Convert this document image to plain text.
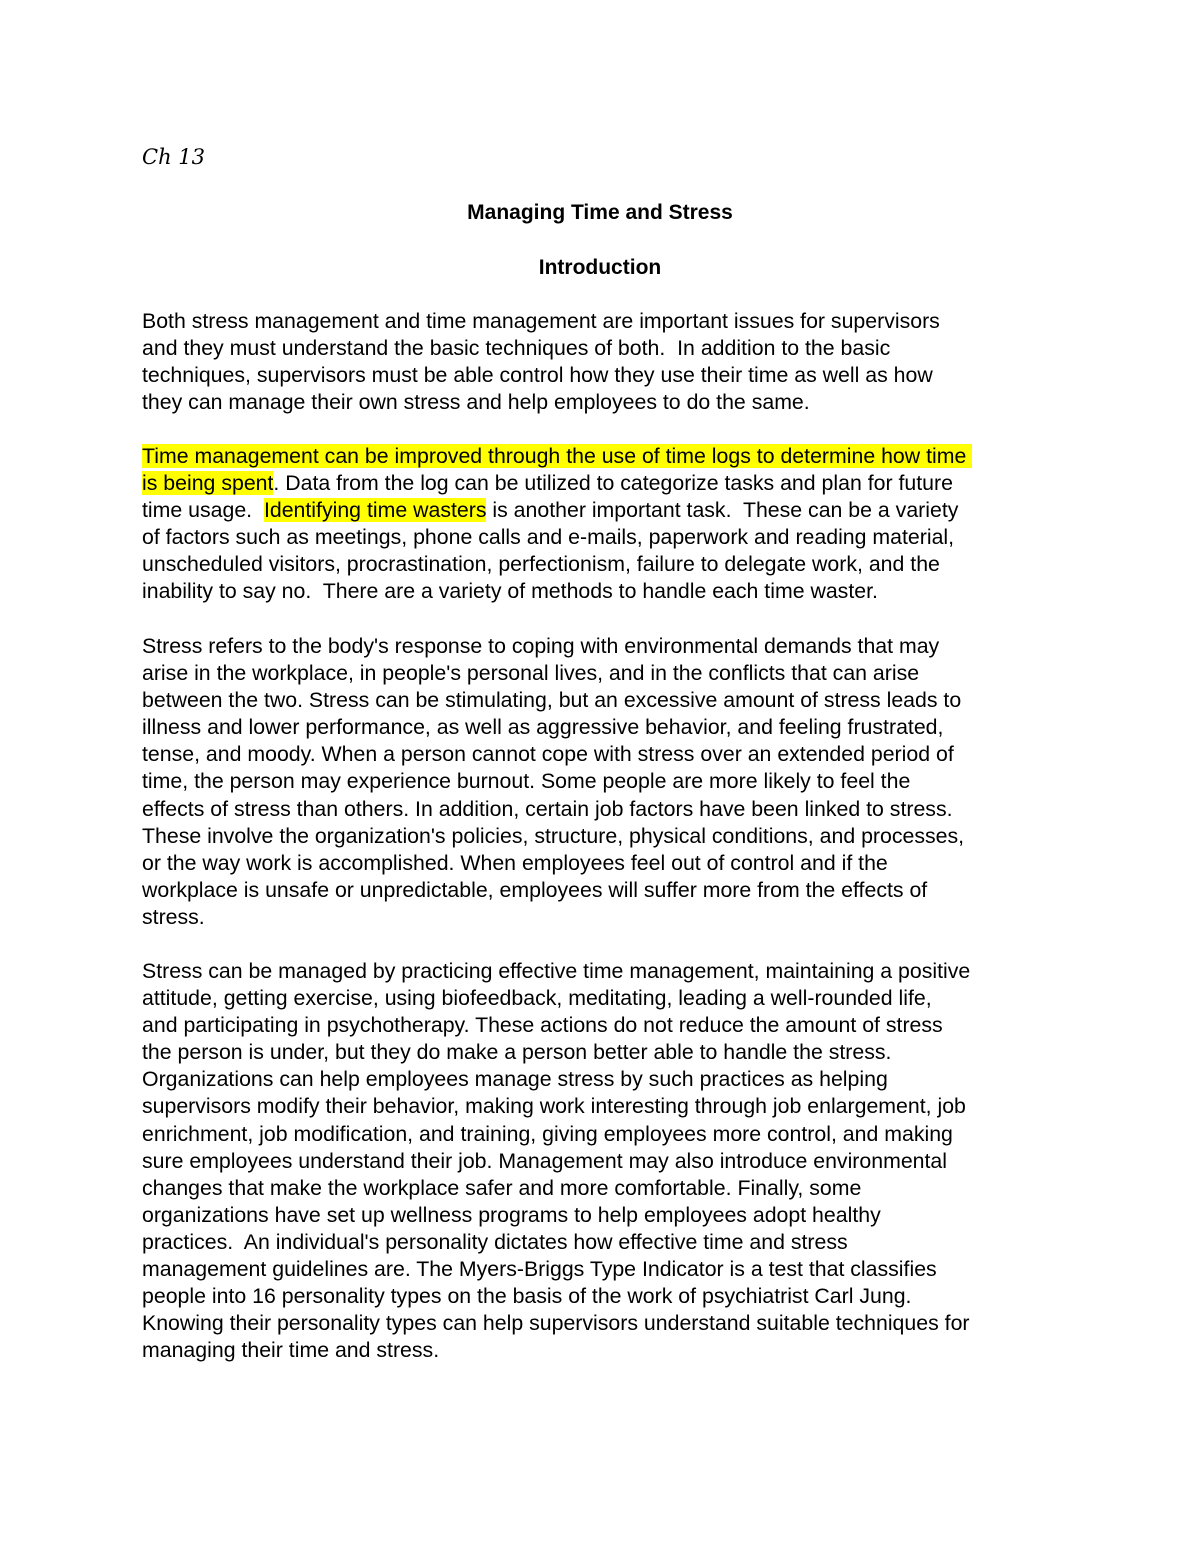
Ch 13

Managing Time and Stress

Introduction

Both stress management and time management are important issues for supervisors
and they must understand the basic techniques of both.  In addition to the basic
techniques, supervisors must be able control how they use their time as well as how
they can manage their own stress and help employees to do the same.
Time management can be improved through the use of time logs to determine how time
is being spent. Data from the log can be utilized to categorize tasks and plan for future
time usage.  Identifying time wasters is another important task.  These can be a variety
of factors such as meetings, phone calls and e-mails, paperwork and reading material,
unscheduled visitors, procrastination, perfectionism, failure to delegate work, and the
inability to say no.  There are a variety of methods to handle each time waster.
Stress refers to the body's response to coping with environmental demands that may
arise in the workplace, in people's personal lives, and in the conflicts that can arise
between the two. Stress can be stimulating, but an excessive amount of stress leads to
illness and lower performance, as well as aggressive behavior, and feeling frustrated,
tense, and moody. When a person cannot cope with stress over an extended period of
time, the person may experience burnout. Some people are more likely to feel the
effects of stress than others. In addition, certain job factors have been linked to stress.
These involve the organization's policies, structure, physical conditions, and processes,
or the way work is accomplished. When employees feel out of control and if the
workplace is unsafe or unpredictable, employees will suffer more from the effects of
stress.
Stress can be managed by practicing effective time management, maintaining a positive
attitude, getting exercise, using biofeedback, meditating, leading a well-rounded life,
and participating in psychotherapy. These actions do not reduce the amount of stress
the person is under, but they do make a person better able to handle the stress.
Organizations can help employees manage stress by such practices as helping
supervisors modify their behavior, making work interesting through job enlargement, job
enrichment, job modification, and training, giving employees more control, and making
sure employees understand their job. Management may also introduce environmental
changes that make the workplace safer and more comfortable. Finally, some
organizations have set up wellness programs to help employees adopt healthy
practices.  An individual's personality dictates how effective time and stress
management guidelines are. The Myers-Briggs Type Indicator is a test that classifies
people into 16 personality types on the basis of the work of psychiatrist Carl Jung.
Knowing their personality types can help supervisors understand suitable techniques for
managing their time and stress.
